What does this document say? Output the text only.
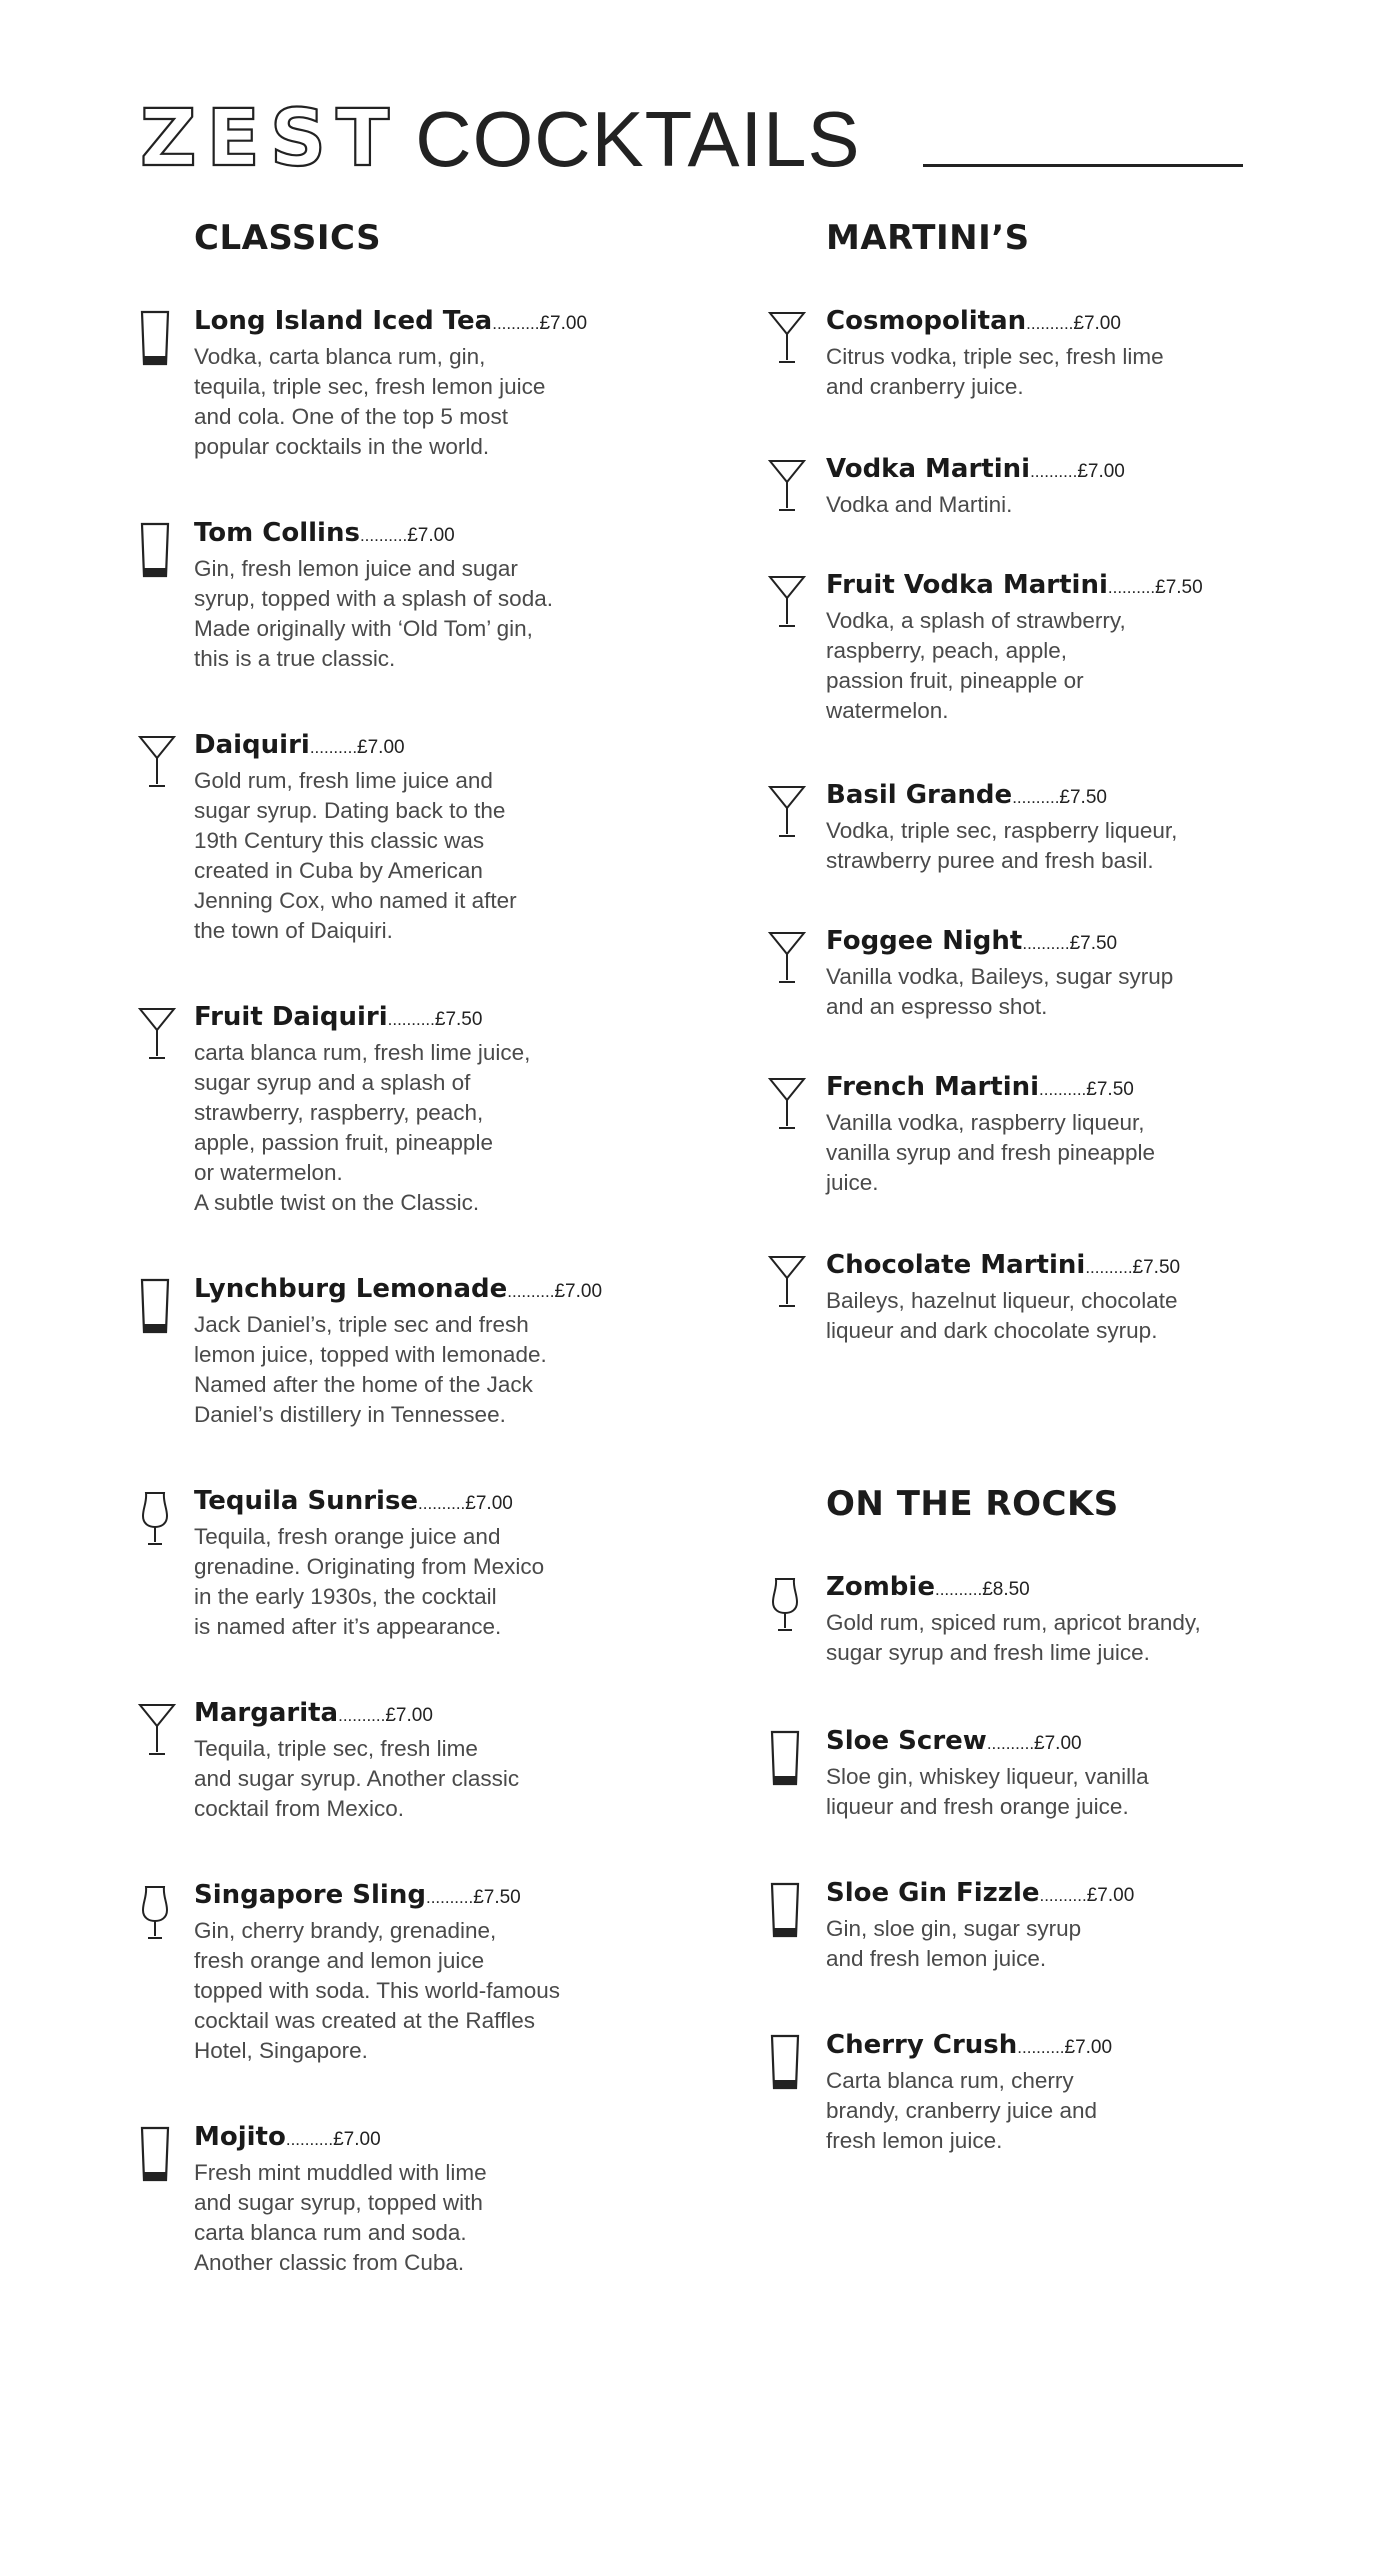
ZEST COCKTAILS
CLASSICS	MARTINI’S
ON THE ROCKS
Long Island Iced Tea .......... £7.00
Vodka, carta blanca rum, gin,
tequila, triple sec, fresh lemon juice
and cola. One of the top 5 most
popular cocktails in the world.
Tom Collins .......... £7.00
Gin, fresh lemon juice and sugar
syrup, topped with a splash of soda.
Made originally with ‘Old Tom’ gin,
this is a true classic.
Daiquiri .......... £7.00
Gold rum, fresh lime juice and
sugar syrup. Dating back to the
19th Century this classic was
created in Cuba by American
Jenning Cox, who named it after
the town of Daiquiri.
Fruit Daiquiri .......... £7.50
carta blanca rum, fresh lime juice,
sugar syrup and a splash of
strawberry, raspberry, peach,
apple, passion fruit, pineapple
or watermelon.
A subtle twist on the Classic.
Lynchburg Lemonade .......... £7.00
Jack Daniel’s, triple sec and fresh
lemon juice, topped with lemonade.
Named after the home of the Jack
Daniel’s distillery in Tennessee.
Tequila Sunrise .......... £7.00
Tequila, fresh orange juice and
grenadine. Originating from Mexico
in the early 1930s, the cocktail
is named after it’s appearance.
Margarita .......... £7.00
Tequila, triple sec, fresh lime
and sugar syrup. Another classic
cocktail from Mexico.
Singapore Sling .......... £7.50
Gin, cherry brandy, grenadine,
fresh orange and lemon juice
topped with soda. This world-famous
cocktail was created at the Raffles
Hotel, Singapore.
Mojito .......... £7.00
Fresh mint muddled with lime
and sugar syrup, topped with
carta blanca rum and soda.
Another classic from Cuba.
Cosmopolitan .......... £7.00
Citrus vodka, triple sec, fresh lime
and cranberry juice.
Vodka Martini .......... £7.00
Vodka and Martini.
Fruit Vodka Martini .......... £7.50
Vodka, a splash of strawberry,
raspberry, peach, apple,
passion fruit, pineapple or
watermelon.
Basil Grande .......... £7.50
Vodka, triple sec, raspberry liqueur,
strawberry puree and fresh basil.
Foggee Night .......... £7.50
Vanilla vodka, Baileys, sugar syrup
and an espresso shot.
French Martini .......... £7.50
Vanilla vodka, raspberry liqueur,
vanilla syrup and fresh pineapple
juice.
Chocolate Martini .......... £7.50
Baileys, hazelnut liqueur, chocolate
liqueur and dark chocolate syrup.
Zombie .......... £8.50
Gold rum, spiced rum, apricot brandy,
sugar syrup and fresh lime juice.
Sloe Screw .......... £7.00
Sloe gin, whiskey liqueur, vanilla
liqueur and fresh orange juice.
Sloe Gin Fizzle .......... £7.00
Gin, sloe gin, sugar syrup
and fresh lemon juice.
Cherry Crush .......... £7.00
Carta blanca rum, cherry
brandy, cranberry juice and
fresh lemon juice.
